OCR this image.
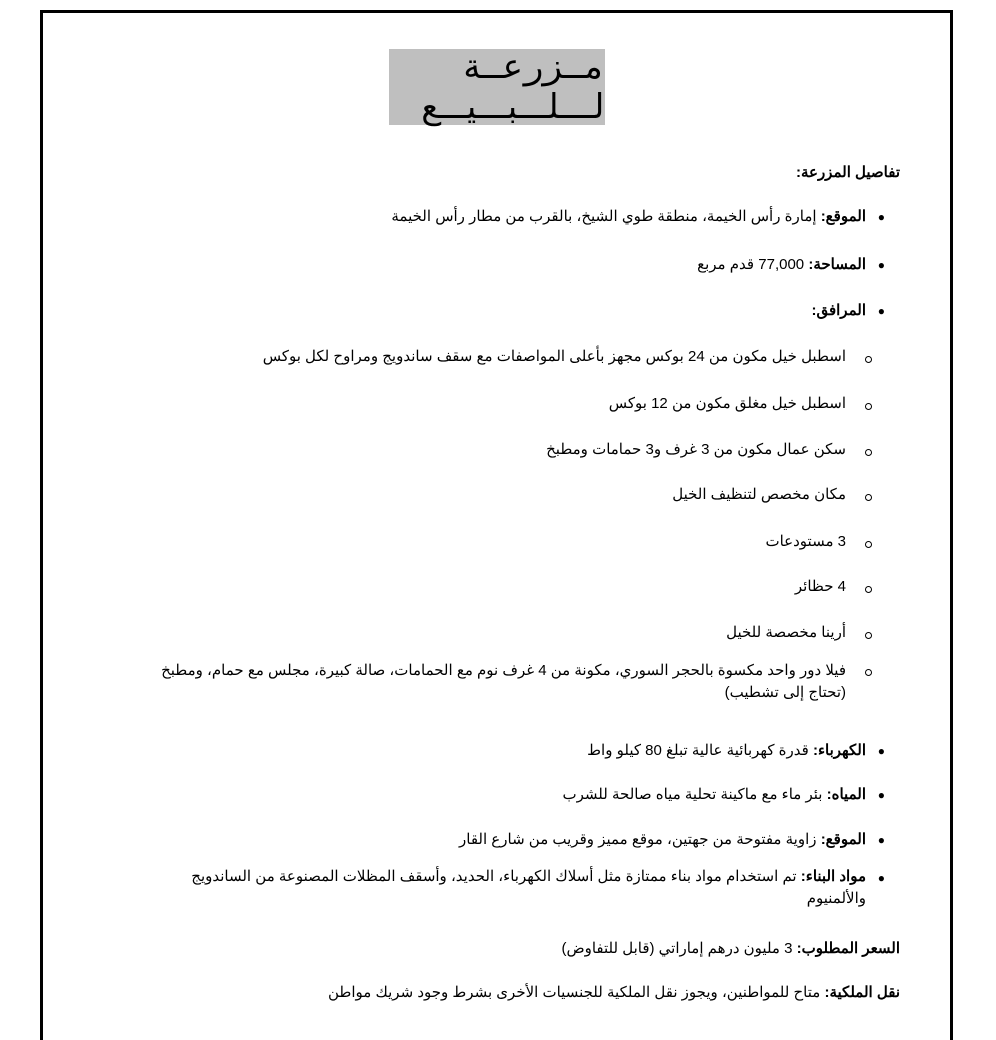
مـزرعـة لـلـبـيـع
تفاصيل المزرعة:
●
الموقع: إمارة رأس الخيمة، منطقة طوي الشيخ، بالقرب من مطار رأس الخيمة
●
المساحة: 77,000 قدم مربع
●
المرافق:
اسطبل خيل مكون من 24 بوكس مجهز بأعلى المواصفات مع سقف ساندويج ومراوح لكل بوكس
اسطبل خيل مغلق مكون من 12 بوكس
سكن عمال مكون من 3 غرف و3 حمامات ومطبخ
مكان مخصص لتنظيف الخيل
3 مستودعات
4 حظائر
أرينا مخصصة للخيل
فيلا دور واحد مكسوة بالحجر السوري، مكونة من 4 غرف نوم مع الحمامات، صالة كبيرة، مجلس مع حمام، ومطبخ (تحتاج إلى تشطيب)
●
الكهرباء: قدرة كهربائية عالية تبلغ 80 كيلو واط
●
المياه: بئر ماء مع ماكينة تحلية مياه صالحة للشرب
●
الموقع: زاوية مفتوحة من جهتين، موقع مميز وقريب من شارع القار
●
مواد البناء: تم استخدام مواد بناء ممتازة مثل أسلاك الكهرباء، الحديد، وأسقف المظلات المصنوعة من الساندويج والألمنيوم
السعر المطلوب: 3 مليون درهم إماراتي (قابل للتفاوض)
نقل الملكية: متاح للمواطنين، ويجوز نقل الملكية للجنسيات الأخرى بشرط وجود شريك مواطن
